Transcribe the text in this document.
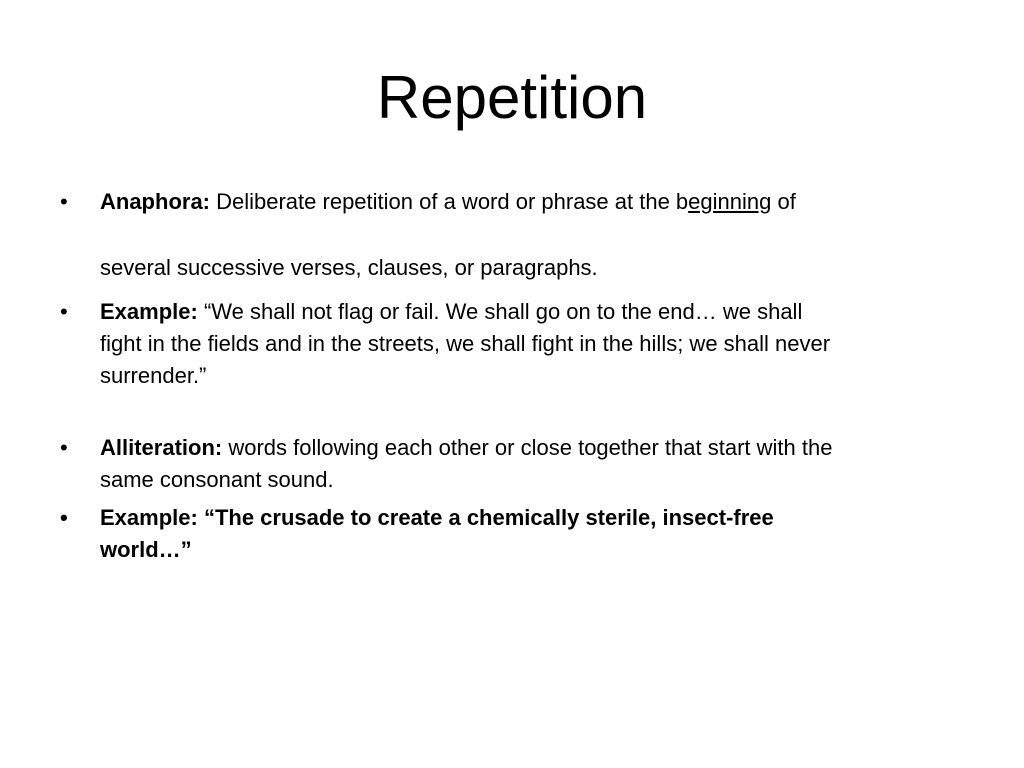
Repetition
•	Anaphora: Deliberate repetition of a word or phrase at the beginning of
several successive verses, clauses, or paragraphs.
•	Example: “We shall not flag or fail. We shall go on to the end… we shall
fight in the fields and in the streets, we shall fight in the hills; we shall never
surrender.”
•	Alliteration: words following each other or close together that start with the
same consonant sound.
•	Example: “The crusade to create a chemically sterile, insect-free
world…”
